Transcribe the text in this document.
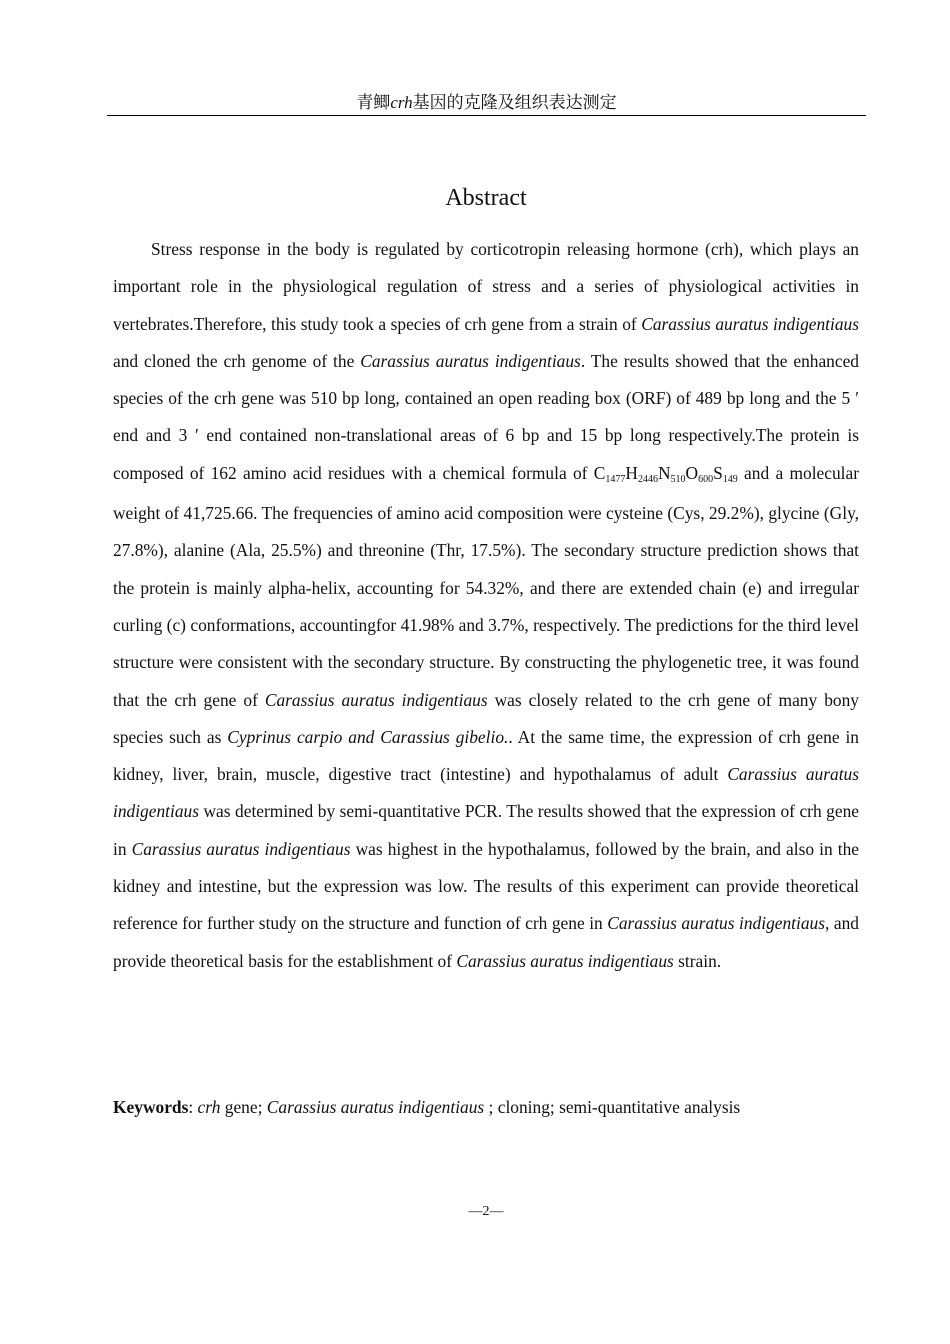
青鲫crh基因的克隆及组织表达测定
Abstract

Stress response in the body is regulated by corticotropin releasing hormone (crh), which plays an important role in the physiological regulation of stress and a series of physiological activities in vertebrates.Therefore, this study took a species of crh gene from a strain of Carassius auratus indigentiaus and cloned the crh genome of the Carassius auratus indigentiaus. The results showed that the enhanced species of the crh gene was 510 bp long, contained an open reading box (ORF) of 489 bp long and the 5 ′ end and 3 ′ end contained non-translational areas of 6 bp and 15 bp long respectively.The protein is composed of 162 amino acid residues with a chemical formula of $C_{1477}H_{2446}N_{510}O_{600}S_{149}$ and a molecular weight of 41,725.66. The frequencies of amino acid composition were cysteine (Cys, 29.2%), glycine (Gly, 27.8%), alanine (Ala, 25.5%) and threonine (Thr, 17.5%). The secondary structure prediction shows that the protein is mainly alpha-helix, accounting for 54.32%, and there are extended chain (e) and irregular curling (c) conformations, accountingfor 41.98% and 3.7%, respectively. The predictions for the third level structure were consistent with the secondary structure. By constructing the phylogenetic tree, it was found that the crh gene of Carassius auratus indigentiaus was closely related to the crh gene of many bony species such as Cyprinus carpio and Carassius gibelio.. At the same time, the expression of crh gene in kidney, liver, brain, muscle, digestive tract (intestine) and hypothalamus of adult Carassius auratus indigentiaus was determined by semi-quantitative PCR. The results showed that the expression of crh gene in Carassius auratus indigentiaus was highest in the hypothalamus, followed by the brain, and also in the kidney and intestine, but the expression was low. The results of this experiment can provide theoretical reference for further study on the structure and function of crh gene in Carassius auratus indigentiaus, and provide theoretical basis for the establishment of Carassius auratus indigentiaus strain.

Keywords: crh gene; Carassius auratus indigentiaus ; cloning; semi-quantitative analysis
—2—
